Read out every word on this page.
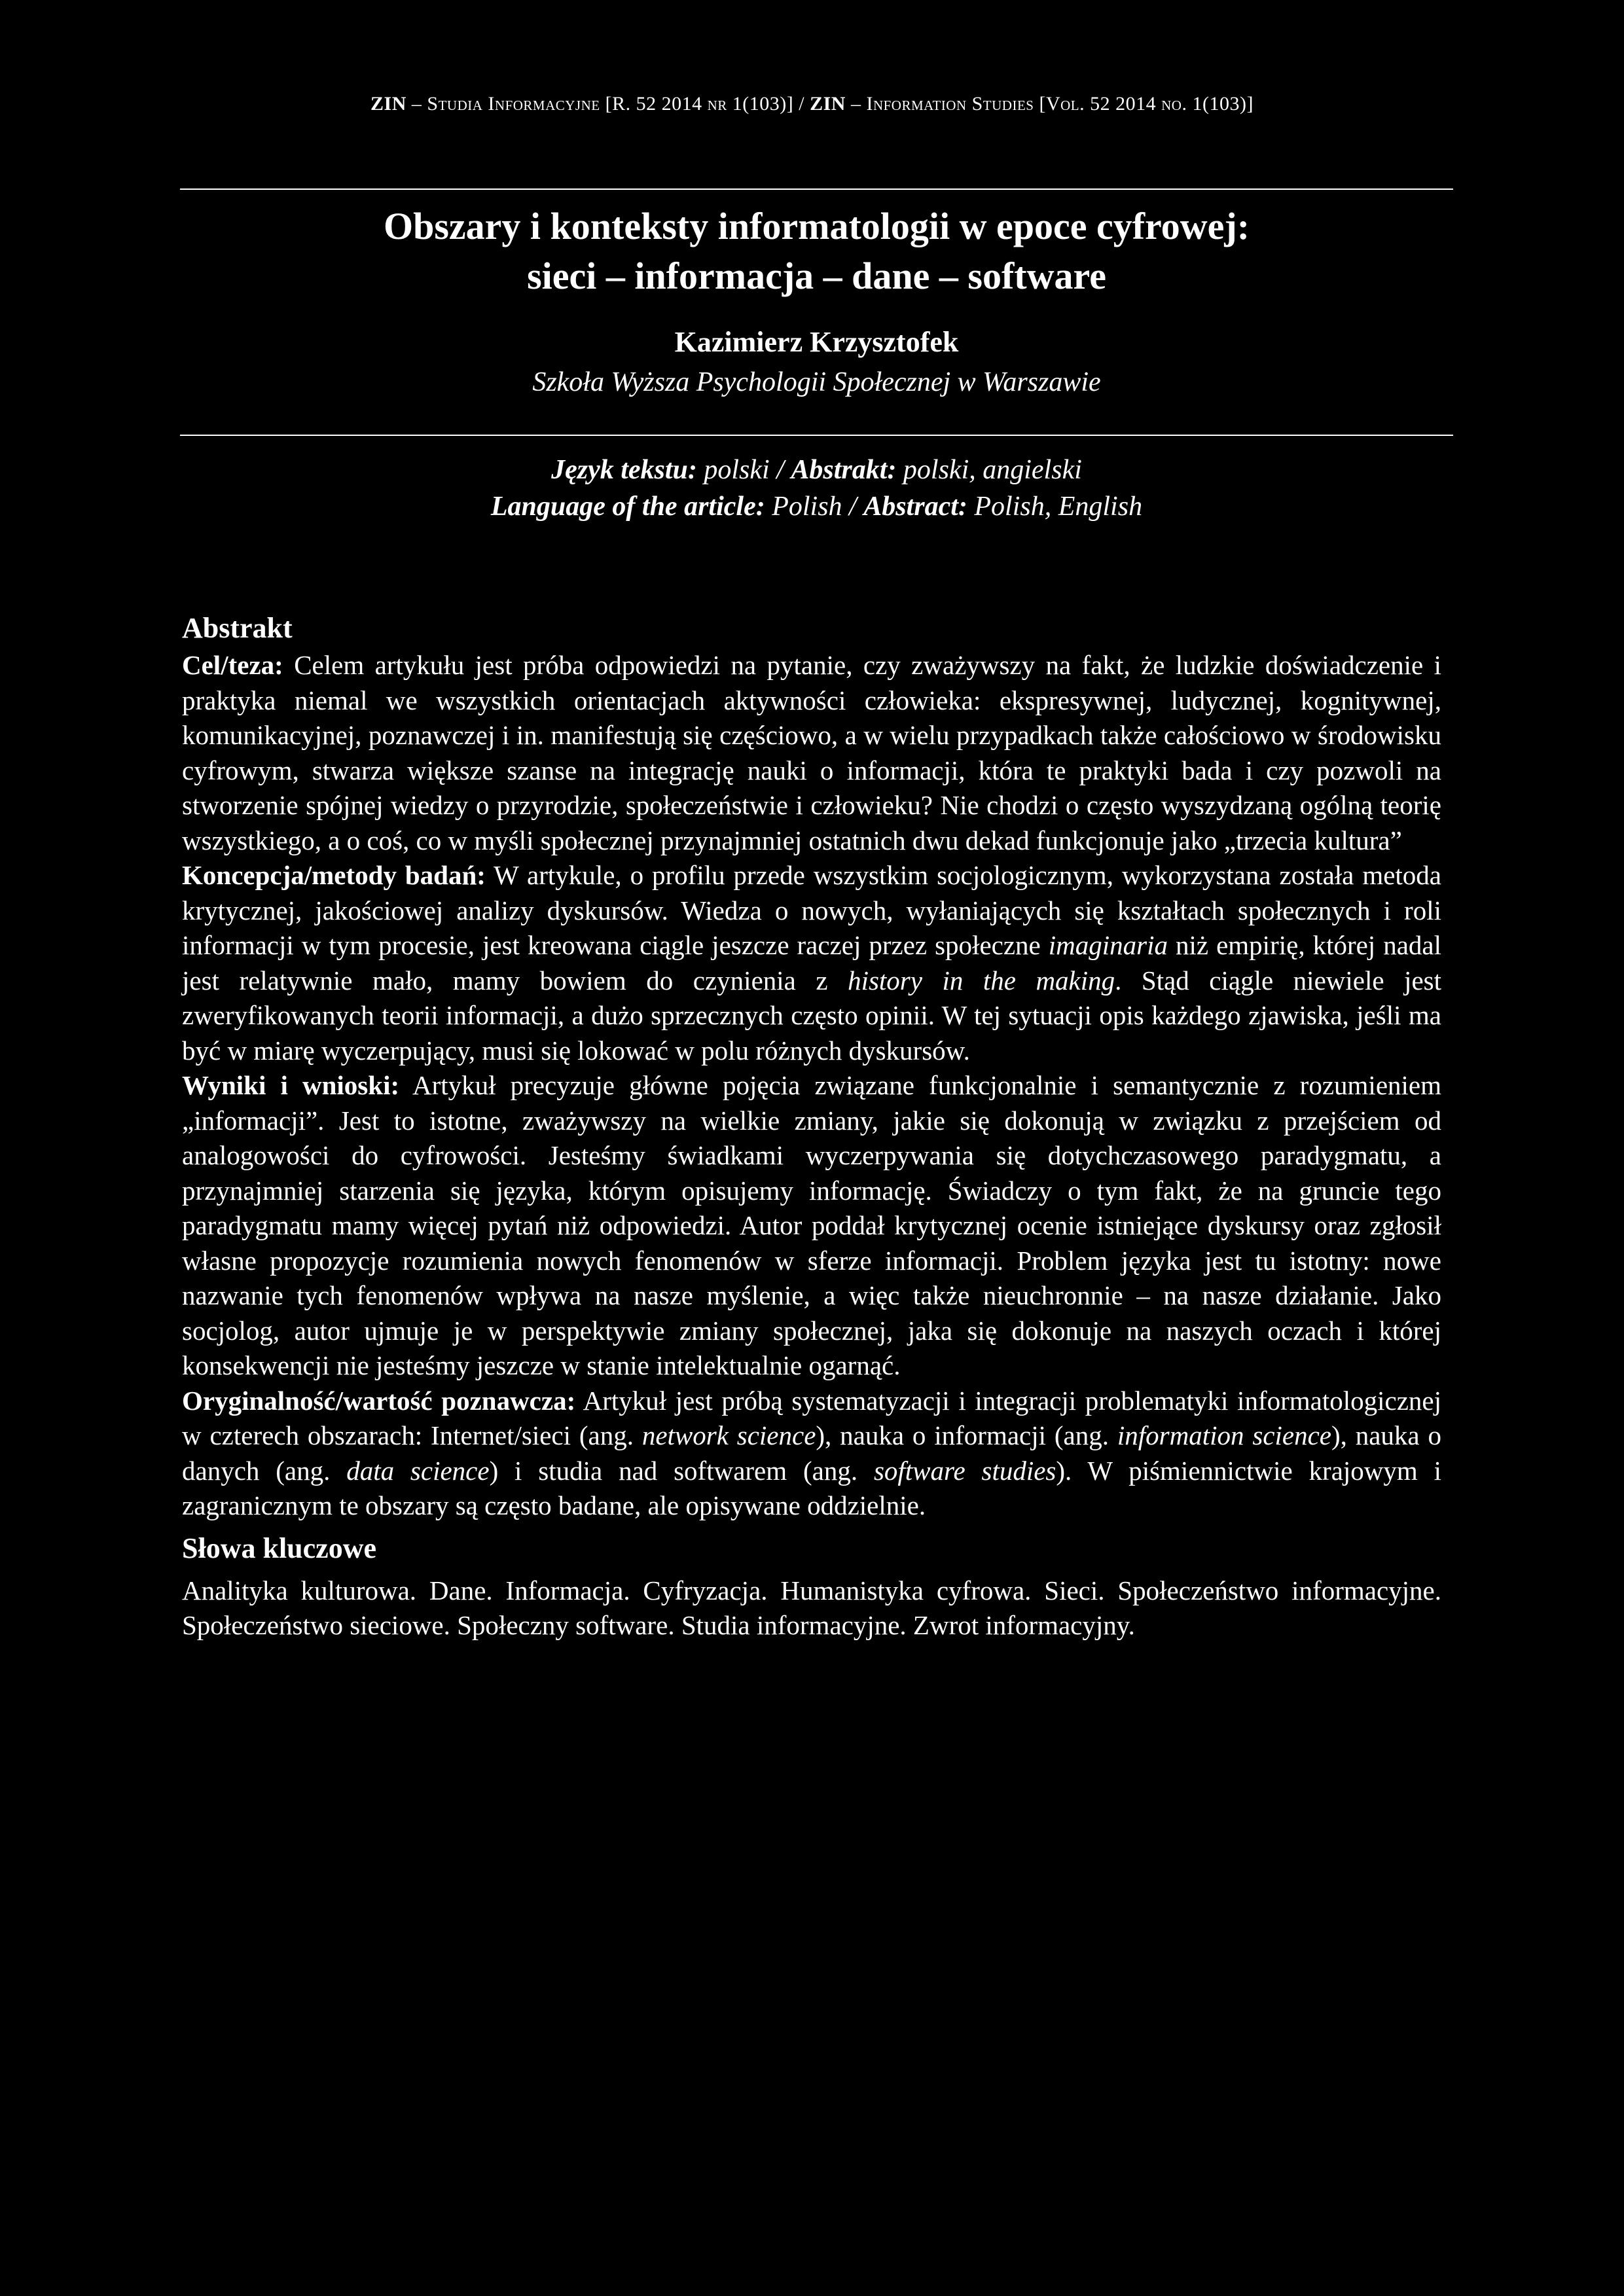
ZIN – Studia Informacyjne [R. 52 2014 nr 1(103)] / ZIN – Information Studies [Vol. 52 2014 no. 1(103)]
Obszary i konteksty informatologii w epoce cyfrowej:
sieci – informacja – dane – software
Kazimierz Krzysztofek
Szkoła Wyższa Psychologii Społecznej w Warszawie
Język tekstu: polski / Abstrakt: polski, angielski
Language of the article: Polish / Abstract: Polish, English
Abstrakt

Cel/teza: Celem artykułu jest próba odpowiedzi na pytanie, czy zważywszy na fakt, że ludzkie doświadczenie i praktyka niemal we wszystkich orientacjach aktywności człowieka: ekspresywnej, ludycznej, kognitywnej, komunikacyjnej, poznawczej i in. manifestują się częściowo, a w wielu przypadkach także całościowo w środowisku cyfrowym, stwarza większe szanse na integrację nauki o informacji, która te praktyki bada i czy pozwoli na stworzenie spójnej wiedzy o przyrodzie, społeczeństwie i człowieku? Nie chodzi o często wyszydzaną ogólną teorię wszystkiego, a o coś, co w myśli społecznej przynajmniej ostatnich dwu dekad funkcjonuje jako „trzecia kultura”

Koncepcja/metody badań: W artykule, o profilu przede wszystkim socjologicznym, wykorzystana została metoda krytycznej, jakościowej analizy dyskursów. Wiedza o nowych, wyłaniających się kształtach społecznych i roli informacji w tym procesie, jest kreowana ciągle jeszcze raczej przez społeczne imaginaria niż empirię, której nadal jest relatywnie mało, mamy bowiem do czynienia z history in the making. Stąd ciągle niewiele jest zweryfikowanych teorii informacji, a dużo sprzecznych często opinii. W tej sytuacji opis każdego zjawiska, jeśli ma być w miarę wyczerpujący, musi się lokować w polu różnych dyskursów.

Wyniki i wnioski: Artykuł precyzuje główne pojęcia związane funkcjonalnie i semantycznie z rozumieniem „informacji”. Jest to istotne, zważywszy na wielkie zmiany, jakie się dokonują w związku z przejściem od analogowości do cyfrowości. Jesteśmy świadkami wyczerpywania się dotychczasowego paradygmatu, a przynajmniej starzenia się języka, którym opisujemy informację. Świadczy o tym fakt, że na gruncie tego paradygmatu mamy więcej pytań niż odpowiedzi. Autor poddał krytycznej ocenie istniejące dyskursy oraz zgłosił własne propozycje rozumienia nowych fenomenów w sferze informacji. Problem języka jest tu istotny: nowe nazwanie tych fenomenów wpływa na nasze myślenie, a więc także nieuchronnie – na nasze działanie. Jako socjolog, autor ujmuje je w perspektywie zmiany społecznej, jaka się dokonuje na naszych oczach i której konsekwencji nie jesteśmy jeszcze w stanie intelektualnie ogarnąć.

Oryginalność/wartość poznawcza: Artykuł jest próbą systematyzacji i integracji problematyki informatologicznej w czterech obszarach: Internet/sieci (ang. network science), nauka o informacji (ang. information science), nauka o danych (ang. data science) i studia nad softwarem (ang. software studies). W piśmiennictwie krajowym i zagranicznym te obszary są często badane, ale opisywane oddzielnie.

Słowa kluczowe

Analityka kulturowa. Dane. Informacja. Cyfryzacja. Humanistyka cyfrowa. Sieci. Społeczeństwo informacyjne. Społeczeństwo sieciowe. Społeczny software. Studia informacyjne. Zwrot informacyjny.
